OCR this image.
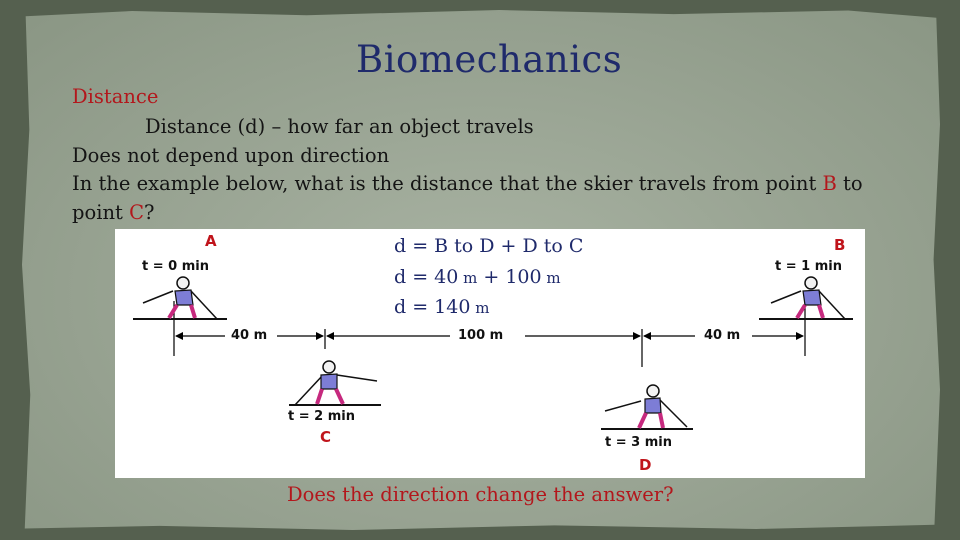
Biomechanics
Distance
Distance (d) – how far an object travels
Does not depend upon direction
In the example below, what is the distance that the skier travels from point B to
point C?
A
t = 0 min
B
t = 1 min
t = 2 min
C	t = 3 min
D
40 m	100 m	40 m
d = B to D + D to C
d = 40 m + 100 m
d = 140 m
Does the direction change the answer?
